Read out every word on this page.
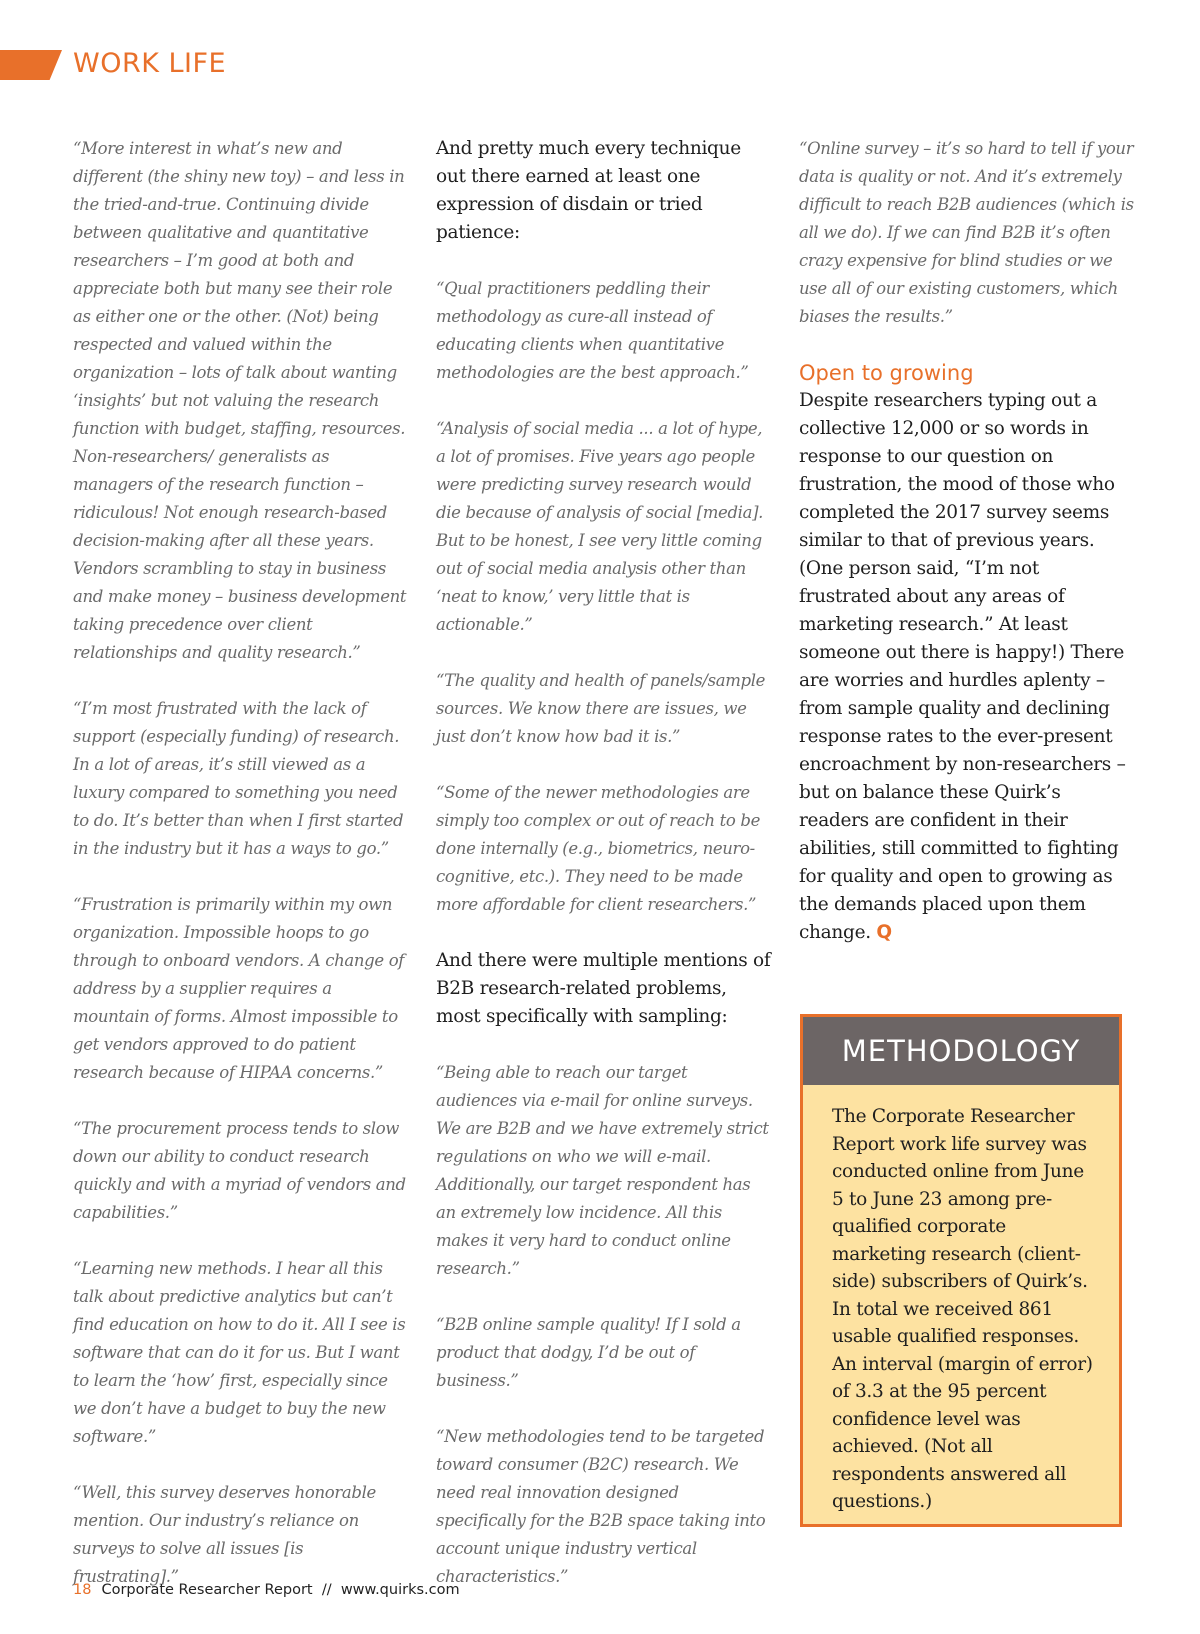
WORK LIFE

“More interest in what’s new and different (the shiny new toy) – and less in the tried-and-true. Continuing divide between qualitative and quantitative researchers – I’m good at both and appreciate both but many see their role as either one or the other. (Not) being respected and valued within the organization – lots of talk about wanting ‘insights’ but not valuing the research function with budget, staffing, resources. Non-researchers/ generalists as managers of the research function – ridiculous! Not enough research-based decision-making after all these years. Vendors scrambling to stay in business and make money – business development taking precedence over client relationships and quality research.”

“I’m most frustrated with the lack of support (especially funding) of research. In a lot of areas, it’s still viewed as a luxury compared to something you need to do. It’s better than when I first started in the industry but it has a ways to go.”

“Frustration is primarily within my own organization. Impossible hoops to go through to onboard vendors. A change of address by a supplier requires a mountain of forms. Almost impossible to get vendors approved to do patient research because of HIPAA concerns.”

“The procurement process tends to slow down our ability to conduct research quickly and with a myriad of vendors and capabilities.”

“Learning new methods. I hear all this talk about predictive analytics but can’t find education on how to do it. All I see is software that can do it for us. But I want to learn the ‘how’ first, especially since we don’t have a budget to buy the new software.”

“Well, this survey deserves honorable mention. Our industry’s reliance on surveys to solve all issues [is frustrating].”

And pretty much every technique out there earned at least one expression of disdain or tried patience:

“Qual practitioners peddling their methodology as cure-all instead of educating clients when quantitative methodologies are the best approach.”

“Analysis of social media ... a lot of hype, a lot of promises. Five years ago people were predicting survey research would die because of analysis of social [media]. But to be honest, I see very little coming out of social media analysis other than ‘neat to know,’ very little that is actionable.”

“The quality and health of panels/sample sources. We know there are issues, we just don’t know how bad it is.”

“Some of the newer methodologies are simply too complex or out of reach to be done internally (e.g., biometrics, neuro-cognitive, etc.). They need to be made more affordable for client researchers.”

And there were multiple mentions of B2B research-related problems, most specifically with sampling:

“Being able to reach our target audiences via e-mail for online surveys. We are B2B and we have extremely strict regulations on who we will e-mail. Additionally, our target respondent has an extremely low incidence. All this makes it very hard to conduct online research.”

“B2B online sample quality! If I sold a product that dodgy, I’d be out of business.”

“New methodologies tend to be targeted toward consumer (B2C) research. We need real innovation designed specifically for the B2B space taking into account unique industry vertical characteristics.”

“Online survey – it’s so hard to tell if your data is quality or not. And it’s extremely difficult to reach B2B audiences (which is all we do). If we can find B2B it’s often crazy expensive for blind studies or we use all of our existing customers, which biases the results.”

Open to growing

Despite researchers typing out a collective 12,000 or so words in response to our question on frustration, the mood of those who completed the 2017 survey seems similar to that of previous years. (One person said, “I’m not frustrated about any areas of marketing research.” At least someone out there is happy!) There are worries and hurdles aplenty – from sample quality and declining response rates to the ever-present encroachment by non-researchers – but on balance these Quirk’s readers are confident in their abilities, still committed to fighting for quality and open to growing as the demands placed upon them change. Q

METHODOLOGY
The Corporate Researcher Report work life survey was conducted online from June 5 to June 23 among pre-qualified corporate marketing research (client-side) subscribers of Quirk’s. In total we received 861 usable qualified responses. An interval (margin of error) of 3.3 at the 95 percent confidence level was achieved. (Not all respondents answered all questions.)
18 Corporate Researcher Report  //  www.quirks.com
